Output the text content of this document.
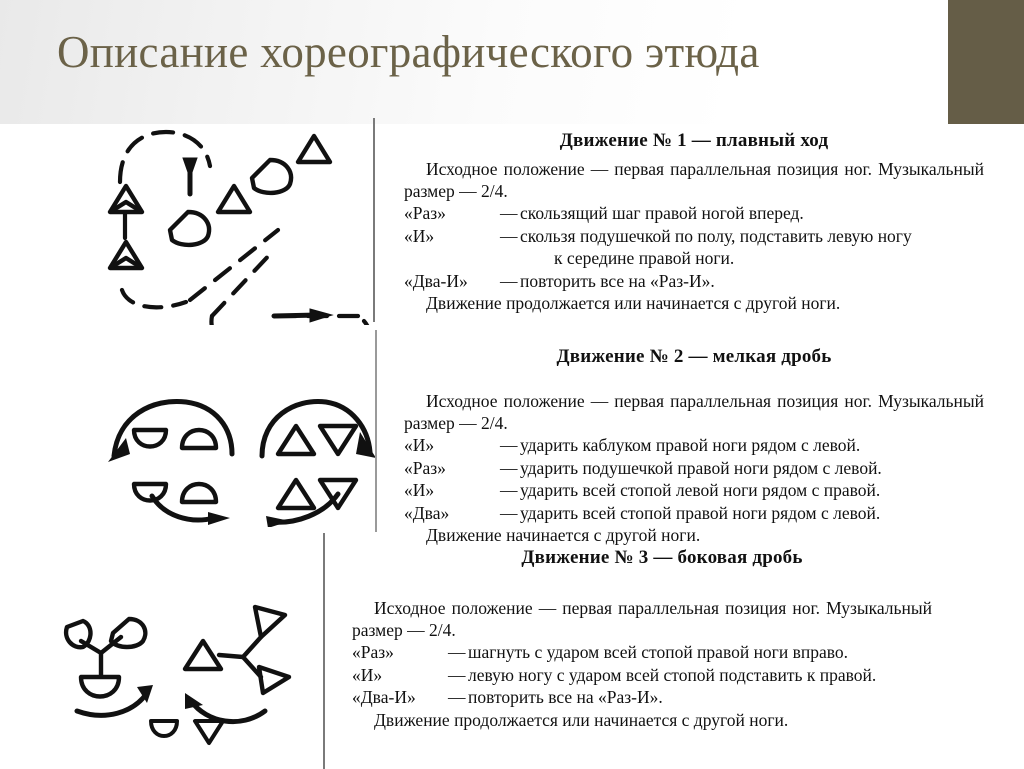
Описание хореографического этюда
Движение № 1 — плавный ход
Исходное положение — первая параллельная позиция ног. Музыкальный размер — 2/4.
«Раз»	— скользящий шаг правой ногой вперед.
«И»	— скользя подушечкой по полу, подставить левую ногу
к середине правой ноги.
«Два-И»	— повторить все на «Раз-И».
Движение продолжается или начинается с другой ноги.
Движение № 2 — мелкая дробь
Исходное положение — первая параллельная позиция ног. Музыкальный размер — 2/4.
«И»	— ударить каблуком правой ноги рядом с левой.
«Раз»	— ударить подушечкой правой ноги рядом с левой.
«И»	— ударить всей стопой левой ноги рядом с правой.
«Два»	— ударить всей стопой правой ноги рядом с левой.
Движение начинается с другой ноги.
Движение № 3 — боковая дробь
Исходное положение — первая параллельная позиция ног. Музыкальный размер — 2/4.
«Раз»	— шагнуть с ударом всей стопой правой ноги вправо.
«И»	— левую ногу с ударом всей стопой подставить к правой.
«Два-И»	— повторить все на «Раз-И».
Движение продолжается или начинается с другой ноги.
